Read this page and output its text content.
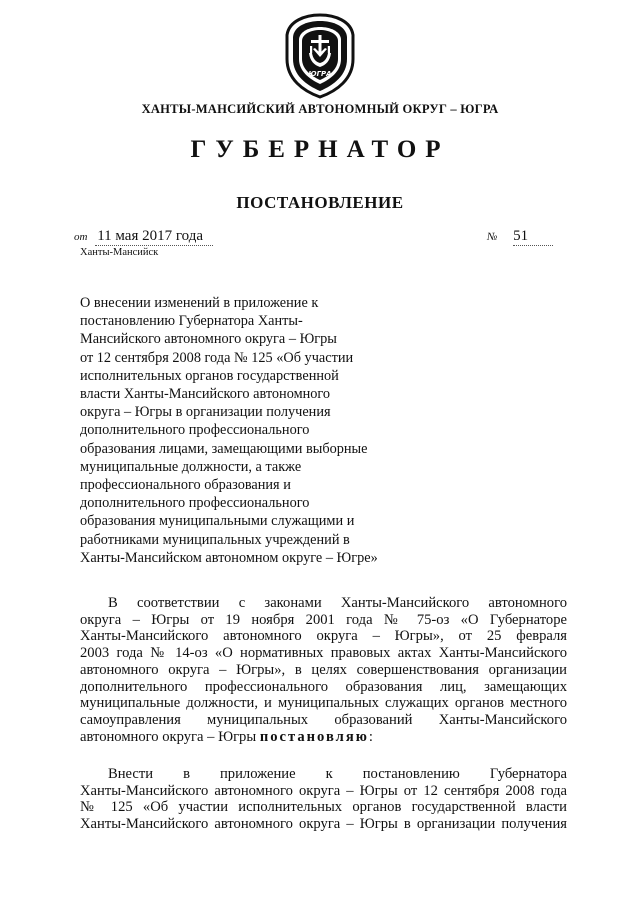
ЮГРА
ХАНТЫ-МАНСИЙСКИЙ АВТОНОМНЫЙ ОКРУГ – ЮГРА
ГУБЕРНАТОР
ПОСТАНОВЛЕНИЕ
от 11 мая 2017 года	№ 51
Ханты-Мансийск
О внесении изменений в приложение к
постановлению Губернатора Ханты-
Мансийского автономного округа – Югры
от 12 сентября 2008 года № 125 «Об участии
исполнительных органов государственной
власти Ханты-Мансийского автономного
округа – Югры в организации получения
дополнительного профессионального
образования лицами, замещающими выборные
муниципальные должности, а также
профессионального образования и
дополнительного профессионального
образования муниципальными служащими и
работниками муниципальных учреждений в
Ханты-Мансийском автономном округе – Югре»
В соответствии с законами Ханты-Мансийского автономного
округа – Югры от 19 ноября 2001 года № 75-оз «О Губернаторе
Ханты-Мансийского автономного округа – Югры», от 25 февраля
2003 года № 14-оз «О нормативных правовых актах Ханты-Мансийского
автономного округа – Югры», в целях совершенствования организации
дополнительного профессионального образования лиц, замещающих
муниципальные должности, и муниципальных служащих органов местного
самоуправления муниципальных образований Ханты-Мансийского
автономного округа – Югры постановляю:
Внести в приложение к постановлению Губернатора
Ханты-Мансийского автономного округа – Югры от 12 сентября 2008 года
№ 125 «Об участии исполнительных органов государственной власти
Ханты-Мансийского автономного округа – Югры в организации получения
